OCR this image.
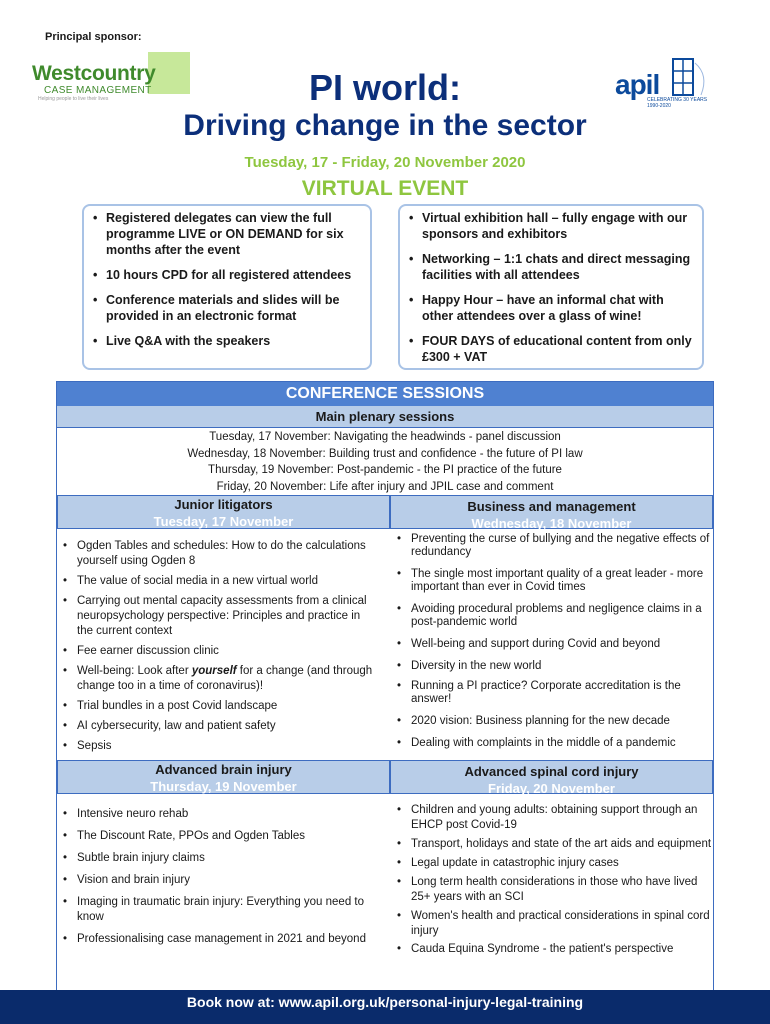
Principal sponsor:
Westcountry
CASE MANAGEMENT
Helping people to live their lives	apil
CELEBRATING 30 YEARS 1990-2020
PI world:
Driving change in the sector
Tuesday, 17 - Friday, 20 November 2020
VIRTUAL EVENT
• Registered delegates can view the full programme LIVE or ON DEMAND for six months after the event
• 10 hours CPD for all registered attendees
• Conference materials and slides will be provided in an electronic format
• Live Q&A with the speakers
• Virtual exhibition hall – fully engage with our sponsors and exhibitors
• Networking – 1:1 chats and direct messaging facilities with all attendees
• Happy Hour – have an informal chat with other attendees over a glass of wine!
• FOUR DAYS of educational content from only £300 + VAT
CONFERENCE SESSIONS
Main plenary sessions
Tuesday, 17 November: Navigating the headwinds - panel discussion
Wednesday, 18 November: Building trust and confidence - the future of PI law
Thursday, 19 November: Post-pandemic - the PI practice of the future
Friday, 20 November: Life after injury and JPIL case and comment
Junior litigators
Tuesday, 17 November
• Ogden Tables and schedules: How to do the calculations yourself using Ogden 8
• The value of social media in a new virtual world
• Carrying out mental capacity assessments from a clinical neuropsychology perspective: Principles and practice in the current context
• Fee earner discussion clinic
• Well-being: Look after yourself for a change (and through change too in a time of coronavirus)!
• Trial bundles in a post Covid landscape
• AI cybersecurity, law and patient safety
• Sepsis
Business and management
Wednesday, 18 November
• Preventing the curse of bullying and the negative effects of redundancy
• The single most important quality of a great leader - more important than ever in Covid times
• Avoiding procedural problems and negligence claims in a post-pandemic world
• Well-being and support during Covid and beyond
• Diversity in the new world
• Running a PI practice? Corporate accreditation is the answer!
• 2020 vision: Business planning for the new decade
• Dealing with complaints in the middle of a pandemic
Advanced brain injury
Thursday, 19 November
• Intensive neuro rehab
• The Discount Rate, PPOs and Ogden Tables
• Subtle brain injury claims
• Vision and brain injury
• Imaging in traumatic brain injury: Everything you need to know
• Professionalising case management in 2021 and beyond
Advanced spinal cord injury
Friday, 20 November
• Children and young adults: obtaining support through an EHCP post Covid-19
• Transport, holidays and state of the art aids and equipment
• Legal update in catastrophic injury cases
• Long term health considerations in those who have lived 25+ years with an SCI
• Women's health and practical considerations in spinal cord injury
• Cauda Equina Syndrome - the patient's perspective
Book now at: www.apil.org.uk/personal-injury-legal-training
